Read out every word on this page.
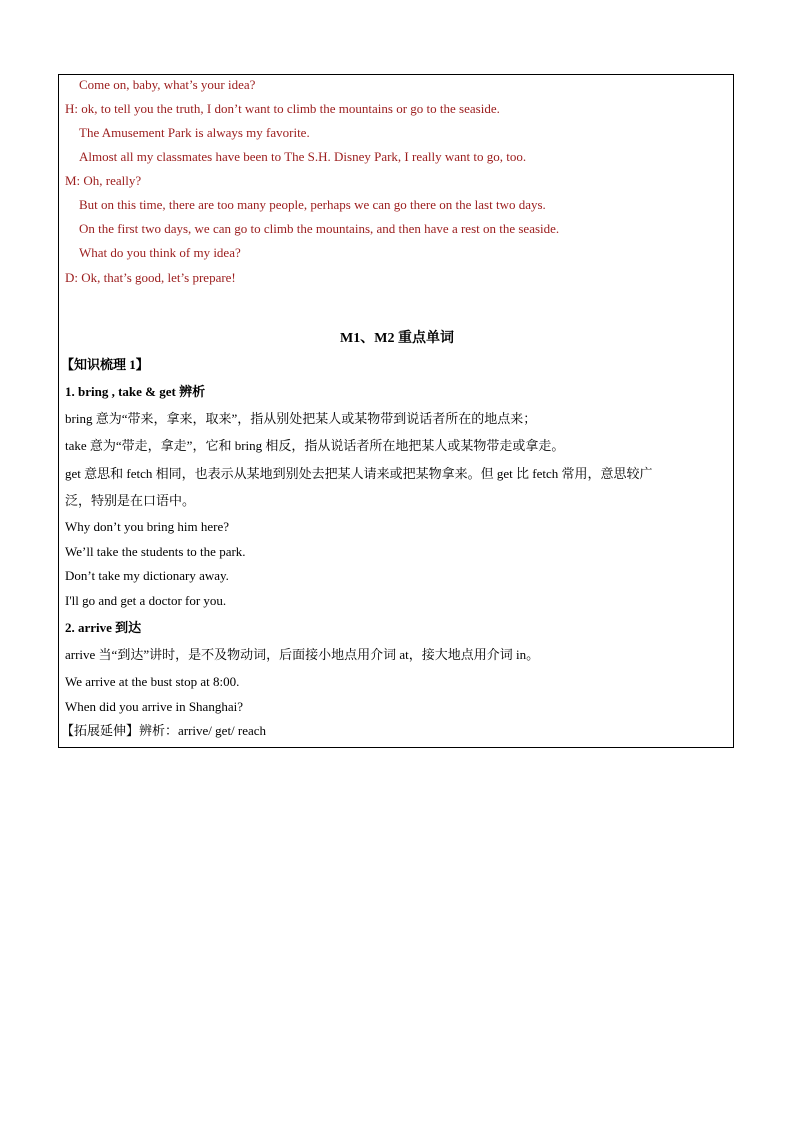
Come on, baby, what’s your idea?
H: ok, to tell you the truth, I don’t want to climb the mountains or go to the seaside.
The Amusement Park is always my favorite.
Almost all my classmates have been to The S.H. Disney Park, I really want to go, too.
M: Oh, really?
But on this time, there are too many people, perhaps we can go there on the last two days.
On the first two days, we can go to climb the mountains, and then have a rest on the seaside.
What do you think of my idea?
D: Ok, that’s good, let’s prepare!
M1、M2 重点单词
【知识梳理 1】
1. bring , take & get 辨析
bring 意为“带来，拿来，取来”，指从别处把某人或某物带到说话者所在的地点来；
take 意为“带走，拿走”，它和 bring 相反，指从说话者所在地把某人或某物带走或拿走。
get 意思和 fetch 相同，也表示从某地到别处去把某人请来或把某物拿来。但 get 比 fetch 常用，意思较广
泛，特别是在口语中。
Why don’t you bring him here?
We’ll take the students to the park.
Don’t take my dictionary away.
I'll go and get a doctor for you.
2. arrive 到达
arrive 当“到达”讲时，是不及物动词，后面接小地点用介词 at，接大地点用介词 in。
We arrive at the bust stop at 8:00.
When did you arrive in Shanghai?
【拓展延伸】辨析：arrive/ get/ reach
